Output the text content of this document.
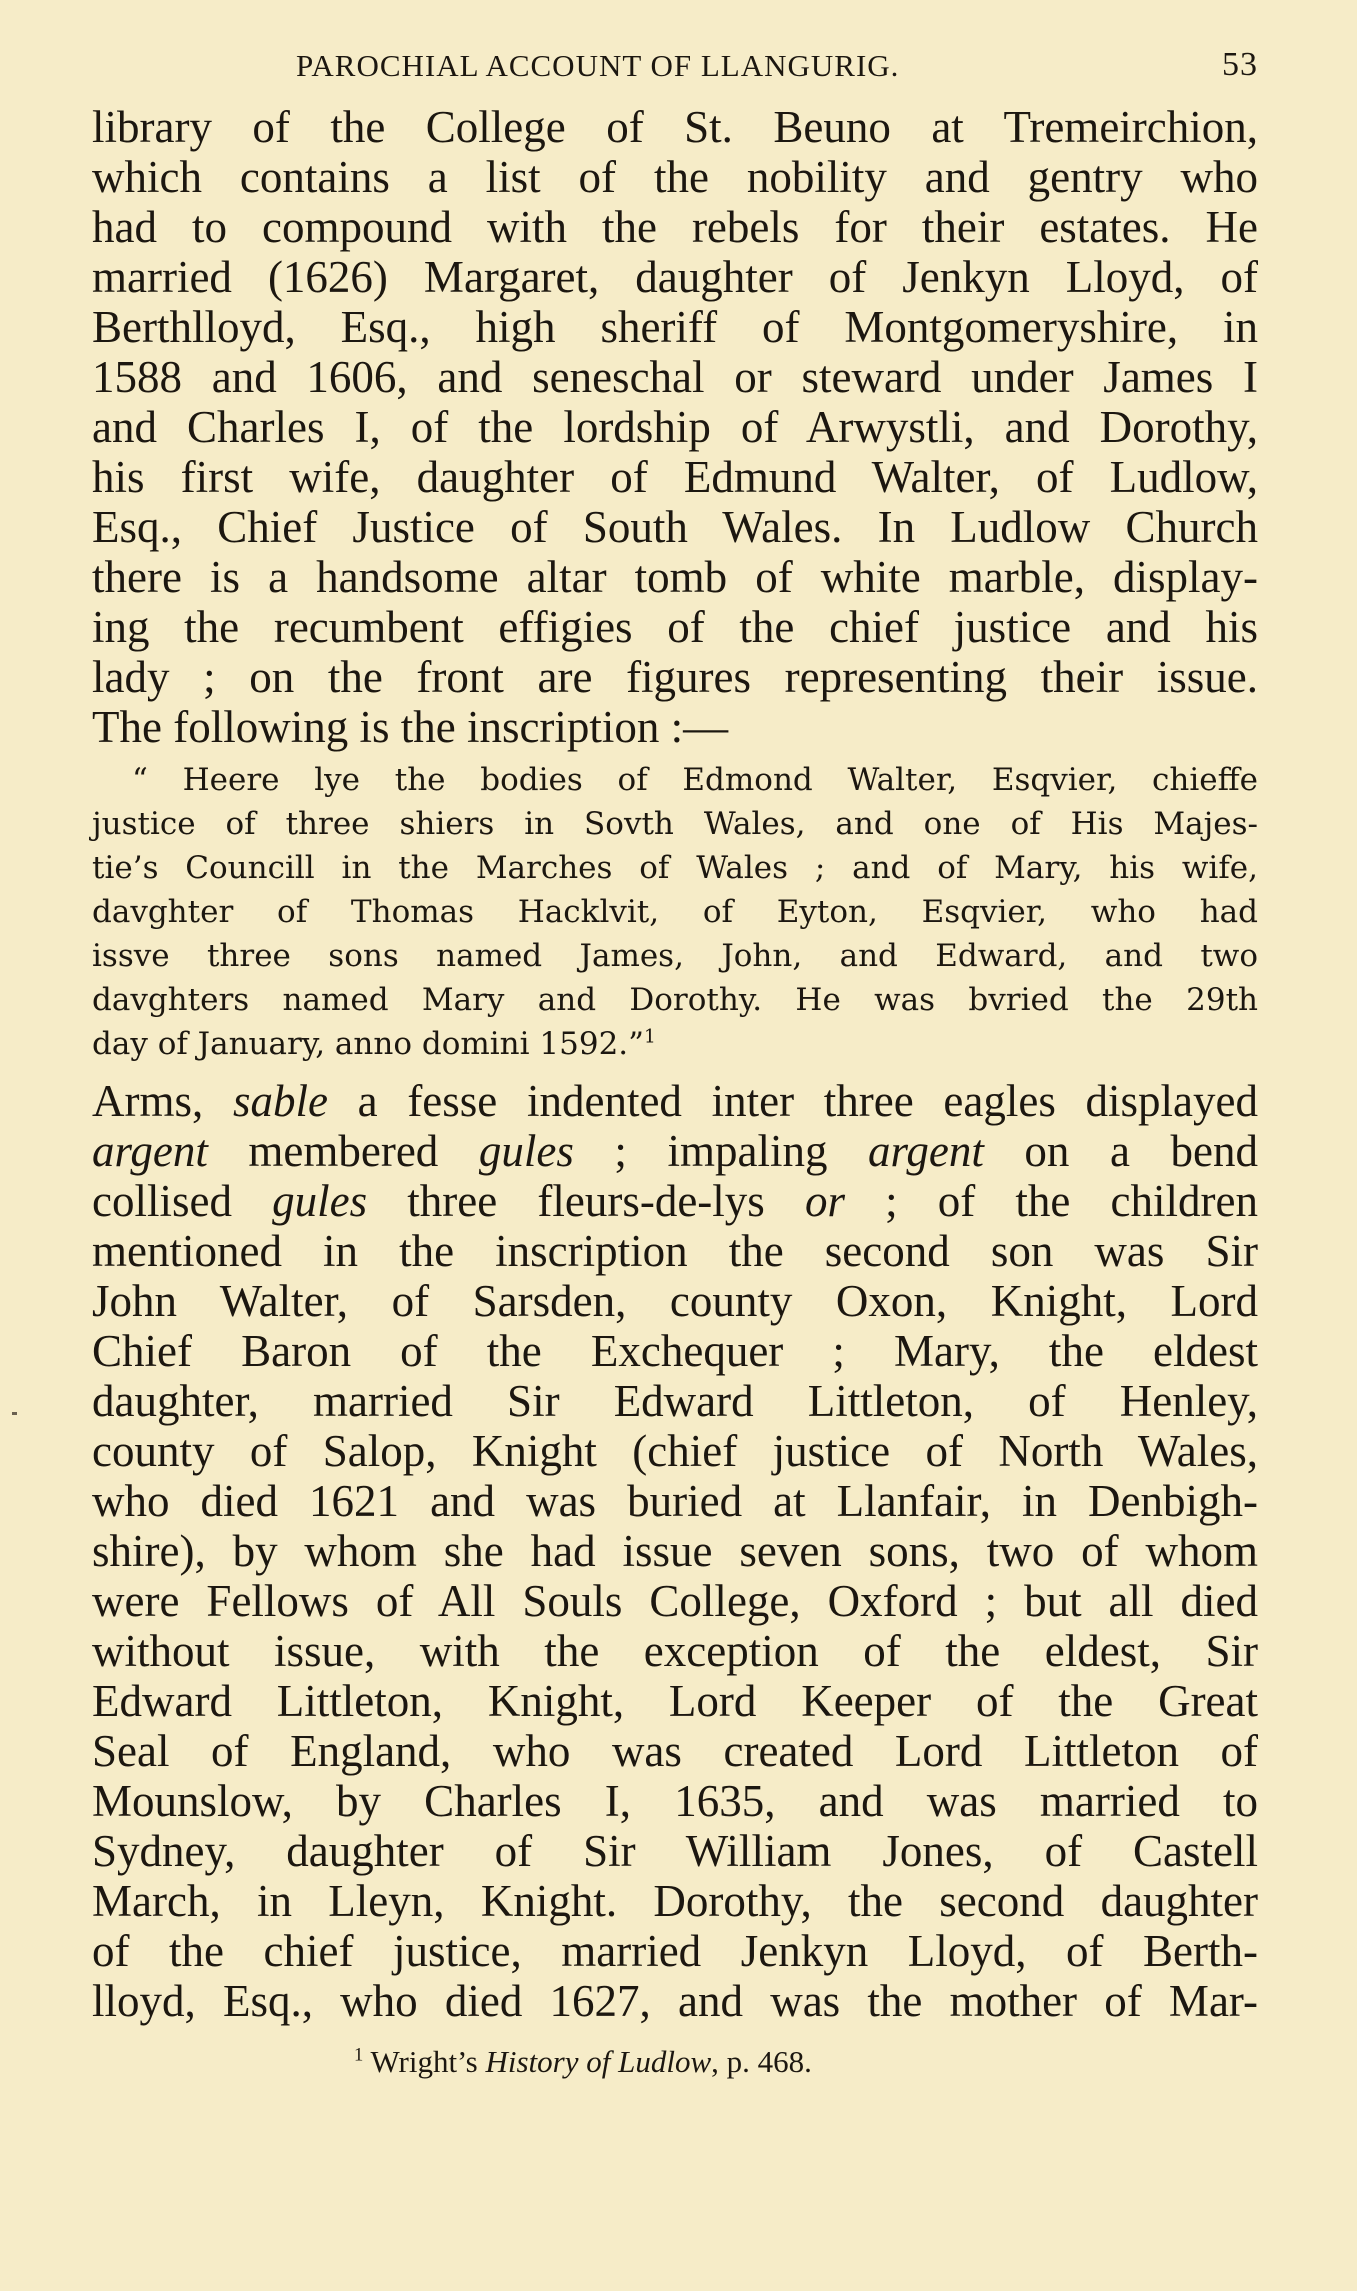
PAROCHIAL ACCOUNT OF LLANGURIG.	53

library of the College of St. Beuno at Tremeirchion,
which contains a list of the nobility and gentry who
had to compound with the rebels for their estates. He
married (1626) Margaret, daughter of Jenkyn Lloyd, of
Berthlloyd, Esq., high sheriff of Montgomeryshire, in
1588 and 1606, and seneschal or steward under James I
and Charles I, of the lordship of Arwystli, and Dorothy,
his first wife, daughter of Edmund Walter, of Ludlow,
Esq., Chief Justice of South Wales. In Ludlow Church
there is a handsome altar tomb of white marble, display-
ing the recumbent effigies of the chief justice and his
lady ; on the front are figures representing their issue.
The following is the inscription :—

“ Heere lye the bodies of Edmond Walter, Esqvier, chieffe
justice of three shiers in Sovth Wales, and one of His Majes-
tie’s Councill in the Marches of Wales ; and of Mary, his wife,
davghter of Thomas Hacklvit, of Eyton, Esqvier, who had
issve three sons named James, John, and Edward, and two
davghters named Mary and Dorothy. He was bvried the 29th
day of January, anno domini 1592.”$^1$

Arms, sable a fesse indented inter three eagles displayed
argent membered gules ; impaling argent on a bend
collised gules three fleurs-de-lys or ; of the children
mentioned in the inscription the second son was Sir
John Walter, of Sarsden, county Oxon, Knight, Lord
Chief Baron of the Exchequer ; Mary, the eldest
daughter, married Sir Edward Littleton, of Henley,
county of Salop, Knight (chief justice of North Wales,
who died 1621 and was buried at Llanfair, in Denbigh-
shire), by whom she had issue seven sons, two of whom
were Fellows of All Souls College, Oxford ; but all died
without issue, with the exception of the eldest, Sir
Edward Littleton, Knight, Lord Keeper of the Great
Seal of England, who was created Lord Littleton of
Mounslow, by Charles I, 1635, and was married to
Sydney, daughter of Sir William Jones, of Castell
March, in Lleyn, Knight. Dorothy, the second daughter
of the chief justice, married Jenkyn Lloyd, of Berth-
lloyd, Esq., who died 1627, and was the mother of Mar-

$^1$ Wright’s History of Ludlow, p. 468.
